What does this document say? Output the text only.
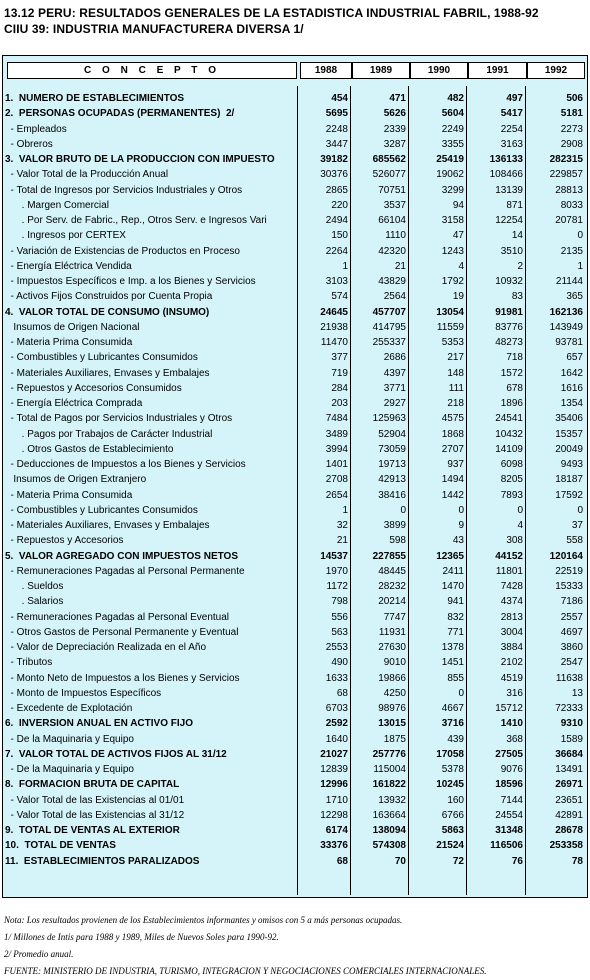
13.12 PERU: RESULTADOS GENERALES DE LA ESTADISTICA INDUSTRIAL FABRIL, 1988-92
CIIU 39: INDUSTRIA MANUFACTURERA DIVERSA 1/
C O N C E P T O	1988	1989	1990	1991	1992
1.  NUMERO DE ESTABLECIMIENTOS	454	471	482	497	506
2.  PERSONAS OCUPADAS (PERMANENTES)  2/	5695	5626	5604	5417	5181
- Empleados	2248	2339	2249	2254	2273
- Obreros	3447	3287	3355	3163	2908
3.  VALOR BRUTO DE LA PRODUCCION CON IMPUESTO	39182	685562	25419	136133	282315
- Valor Total de la Producción Anual	30376	526077	19062	108466	229857
- Total de Ingresos por Servicios Industriales y Otros	2865	70751	3299	13139	28813
. Margen Comercial	220	3537	94	871	8033
. Por Serv. de Fabric., Rep., Otros Serv. e Ingresos Vari	2494	66104	3158	12254	20781
. Ingresos por CERTEX	150	1110	47	14	0
- Variación de Existencias de Productos en Proceso	2264	42320	1243	3510	2135
- Energía Eléctrica Vendida	1	21	4	2	1
- Impuestos Específicos e Imp. a los Bienes y Servicios	3103	43829	1792	10932	21144
- Activos Fijos Construidos por Cuenta Propia	574	2564	19	83	365
4.  VALOR TOTAL DE CONSUMO (INSUMO)	24645	457707	13054	91981	162136
Insumos de Origen Nacional	21938	414795	11559	83776	143949
- Materia Prima Consumida	11470	255337	5353	48273	93781
- Combustibles y Lubricantes Consumidos	377	2686	217	718	657
- Materiales Auxiliares, Envases y Embalajes	719	4397	148	1572	1642
- Repuestos y Accesorios Consumidos	284	3771	111	678	1616
- Energía Eléctrica Comprada	203	2927	218	1896	1354
- Total de Pagos por Servicios Industriales y Otros	7484	125963	4575	24541	35406
. Pagos por Trabajos de Carácter Industrial	3489	52904	1868	10432	15357
. Otros Gastos de Establecimiento	3994	73059	2707	14109	20049
- Deducciones de Impuestos a los Bienes y Servicios	1401	19713	937	6098	9493
Insumos de Origen Extranjero	2708	42913	1494	8205	18187
- Materia Prima Consumida	2654	38416	1442	7893	17592
- Combustibles y Lubricantes Consumidos	1	0	0	0	0
- Materiales Auxiliares, Envases y Embalajes	32	3899	9	4	37
- Repuestos y Accesorios	21	598	43	308	558
5.  VALOR AGREGADO CON IMPUESTOS NETOS	14537	227855	12365	44152	120164
- Remuneraciones Pagadas al Personal Permanente	1970	48445	2411	11801	22519
. Sueldos	1172	28232	1470	7428	15333
. Salarios	798	20214	941	4374	7186
- Remuneraciones Pagadas al Personal Eventual	556	7747	832	2813	2557
- Otros Gastos de Personal Permanente y Eventual	563	11931	771	3004	4697
- Valor de Depreciación Realizada en el Año	2553	27630	1378	3884	3860
- Tributos	490	9010	1451	2102	2547
- Monto Neto de Impuestos a los Bienes y Servicios	1633	19866	855	4519	11638
- Monto de Impuestos Específicos	68	4250	0	316	13
- Excedente de Explotación	6703	98976	4667	15712	72333
6.  INVERSION ANUAL EN ACTIVO FIJO	2592	13015	3716	1410	9310
- De la Maquinaria y Equipo	1640	1875	439	368	1589
7.  VALOR TOTAL DE ACTIVOS FIJOS AL 31/12	21027	257776	17058	27505	36684
- De la Maquinaria y Equipo	12839	115004	5378	9076	13491
8.  FORMACION BRUTA DE CAPITAL	12996	161822	10245	18596	26971
- Valor Total de las Existencias al 01/01	1710	13932	160	7144	23651
- Valor Total de las Existencias al 31/12	12298	163664	6766	24554	42891
9.  TOTAL DE VENTAS AL EXTERIOR	6174	138094	5863	31348	28678
10.  TOTAL DE VENTAS	33376	574308	21524	116506	253358
11.  ESTABLECIMIENTOS PARALIZADOS	68	70	72	76	78
Nota: Los resultados provienen de los Establecimientos informantes y omisos con 5 a más personas ocupadas.
1/ Millones de Intis para 1988 y 1989, Miles de Nuevos Soles para 1990-92.
2/ Promedio anual.
FUENTE: MINISTERIO DE INDUSTRIA, TURISMO, INTEGRACION Y NEGOCIACIONES COMERCIALES INTERNACIONALES.
